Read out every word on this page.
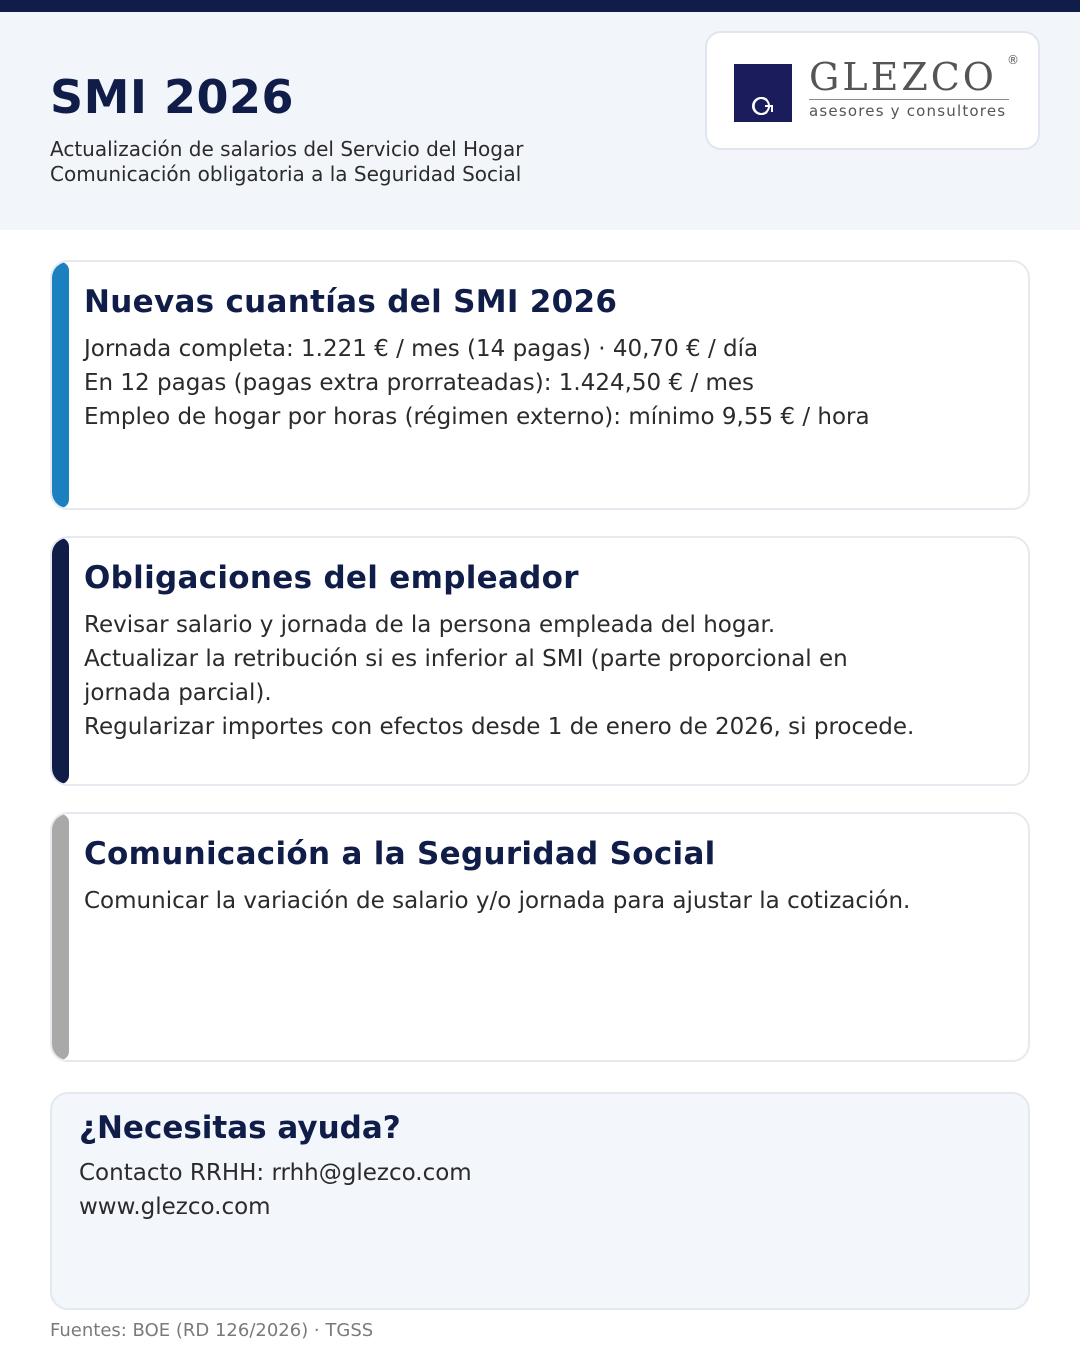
SMI 2026
Actualización de salarios del Servicio del Hogar
Comunicación obligatoria a la Seguridad Social
GLEZCO ®
asesores y consultores
Nuevas cuantías del SMI 2026

Jornada completa: 1.221 € / mes (14 pagas) · 40,70 € / día

En 12 pagas (pagas extra prorrateadas): 1.424,50 € / mes

Empleo de hogar por horas (régimen externo): mínimo 9,55 € / hora

Obligaciones del empleador

Revisar salario y jornada de la persona empleada del hogar.

Actualizar la retribución si es inferior al SMI (parte proporcional en

jornada parcial).

Regularizar importes con efectos desde 1 de enero de 2026, si procede.

Comunicación a la Seguridad Social

Comunicar la variación de salario y/o jornada para ajustar la cotización.

¿Necesitas ayuda?
Contacto RRHH: rrhh@glezco.com
www.glezco.com
Fuentes: BOE (RD 126/2026) · TGSS
